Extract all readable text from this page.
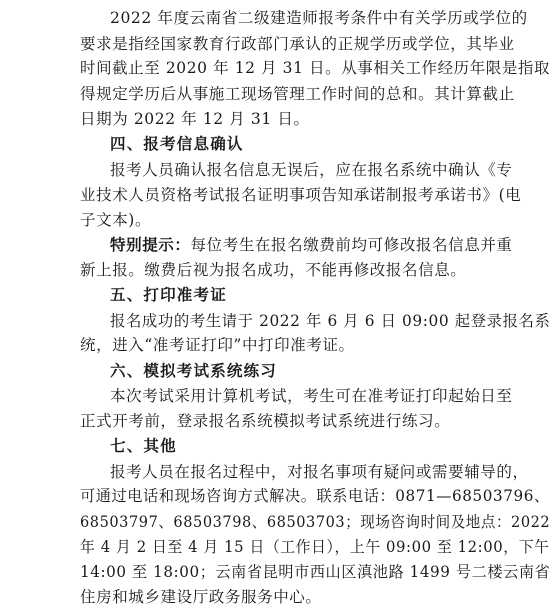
2022 年度云南省二级建造师报考条件中有关学历或学位的
要求是指经国家教育行政部门承认的正规学历或学位，其毕业
时间截止至 2020 年 12 月 31 日。从事相关工作经历年限是指取
得规定学历后从事施工现场管理工作时间的总和。其计算截止
日期为 2022 年 12 月 31 日。
四、报考信息确认
报考人员确认报名信息无误后，应在报名系统中确认《专
业技术人员资格考试报名证明事项告知承诺制报考承诺书》(电
子文本)。
特别提示：每位考生在报名缴费前均可修改报名信息并重
新上报。缴费后视为报名成功，不能再修改报名信息。
五、打印准考证
报名成功的考生请于 2022 年 6 月 6 日 09:00 起登录报名系
统，进入“准考证打印”中打印准考证。
六、模拟考试系统练习
本次考试采用计算机考试，考生可在准考证打印起始日至
正式开考前，登录报名系统模拟考试系统进行练习。
七、其他
报考人员在报名过程中，对报名事项有疑问或需要辅导的，
可通过电话和现场咨询方式解决。联系电话：0871—68503796、
68503797、68503798、68503703；现场咨询时间及地点：2022
年 4 月 2 日至 4 月 15 日（工作日），上午 09:00 至 12:00，下午
14:00 至 18:00；云南省昆明市西山区滇池路 1499 号二楼云南省
住房和城乡建设厅政务服务中心。
